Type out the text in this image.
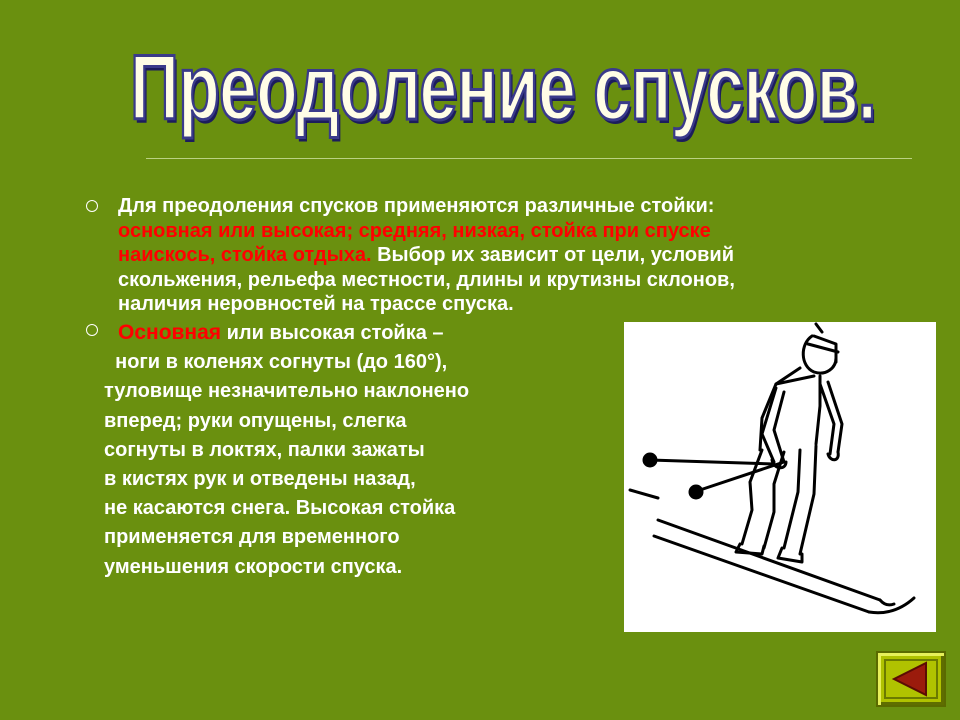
Преодоление спусков.
Для преодоления спусков применяются различные стойки:
основная или высокая; средняя, низкая, стойка при спуске
наискось, стойка отдыха. Выбор их зависит от цели, условий
скольжения, рельефа местности, длины и крутизны склонов,
наличия неровностей на трассе спуска.
Основная или высокая стойка –
ноги в коленях согнуты (до 160°),
туловище незначительно наклонено
вперед; руки опущены, слегка
согнуты в локтях, палки зажаты
в кистях рук и отведены назад,
не касаются снега. Высокая стойка
применяется для временного
уменьшения скорости спуска.
